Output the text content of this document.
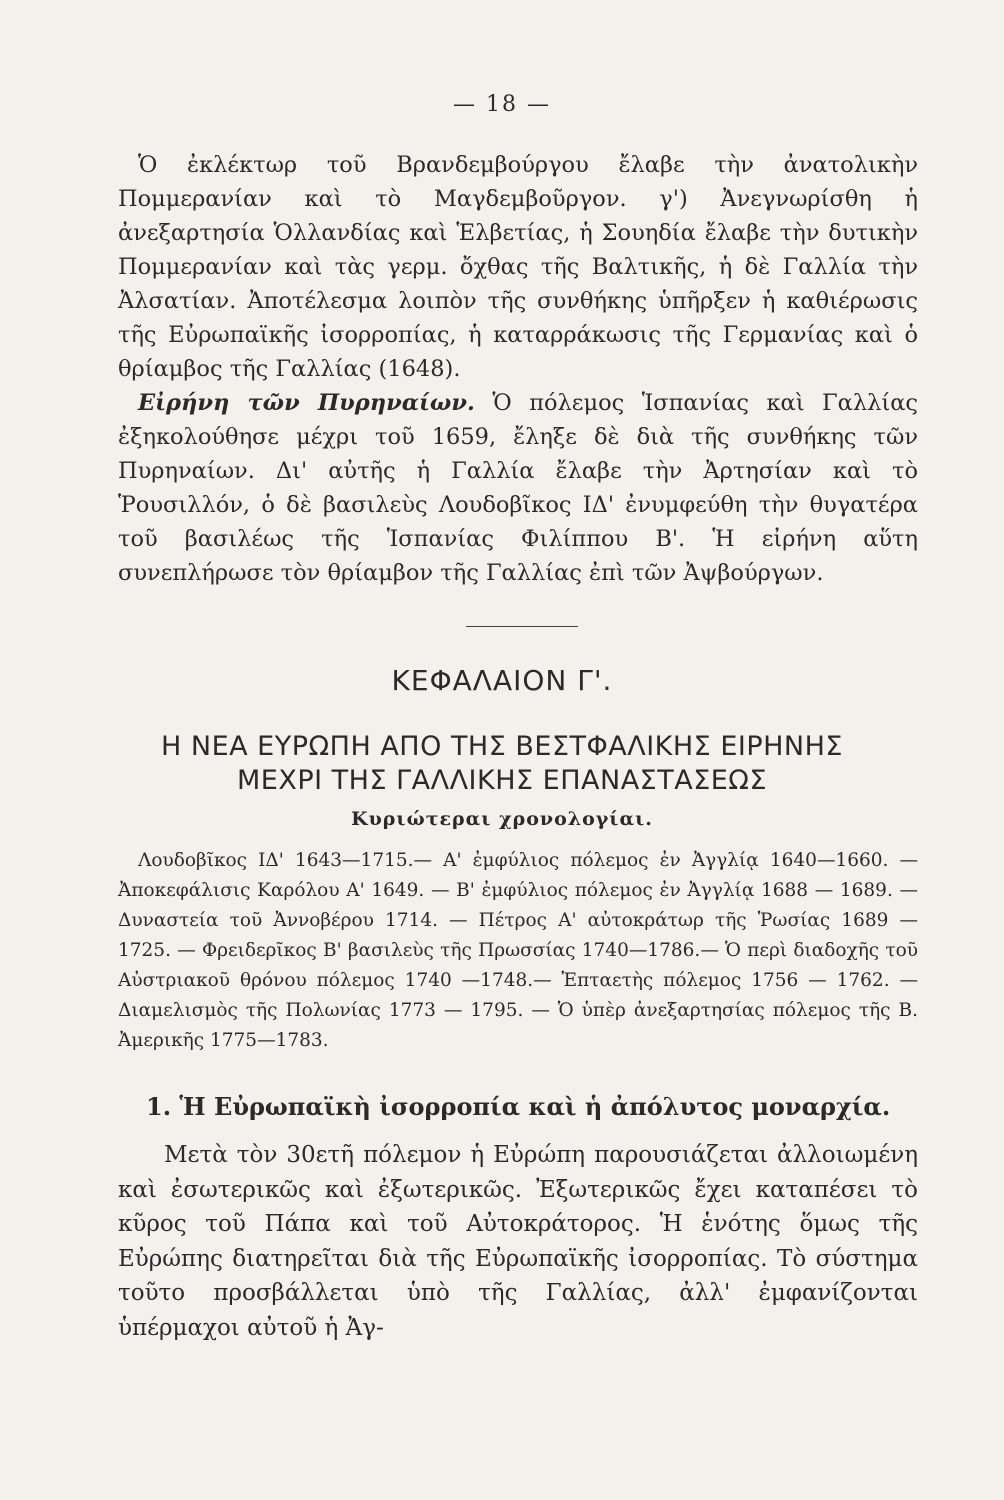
— 18 —
Ὁ ἐκλέκτωρ τοῦ Βρανδεμβούργου ἔλαβε τὴν ἀνατολικὴν Πομμερανίαν καὶ τὸ Μαγδεμβοῦργον. γ') Ἀνεγνωρίσθη ἡ ἀνεξαρτησία Ὁλλανδίας καὶ Ἑλβετίας, ἡ Σουηδία ἔλαβε τὴν δυτικὴν Πομμερανίαν καὶ τὰς γερμ. ὄχθας τῆς Βαλτικῆς, ἡ δὲ Γαλλία τὴν Ἀλσατίαν. Ἀποτέλεσμα λοιπὸν τῆς συνθήκης ὑπῆρξεν ἡ καθιέρωσις τῆς Εὐρωπαϊκῆς ἰσορροπίας, ἡ καταρράκωσις τῆς Γερμανίας καὶ ὁ θρίαμβος τῆς Γαλλίας (1648).
Εἰρήνη τῶν Πυρηναίων. Ὁ πόλεμος Ἱσπανίας καὶ Γαλλίας ἐξηκολούθησε μέχρι τοῦ 1659, ἔληξε δὲ διὰ τῆς συνθήκης τῶν Πυρηναίων. Δι' αὐτῆς ἡ Γαλλία ἔλαβε τὴν Ἀρτησίαν καὶ τὸ Ῥουσιλλόν, ὁ δὲ βασιλεὺς Λουδοβῖκος ΙΔ' ἐνυμφεύθη τὴν θυγατέρα τοῦ βασιλέως τῆς Ἱσπανίας Φιλίππου Β'. Ἡ εἰρήνη αὕτη συνεπλήρωσε τὸν θρίαμβον τῆς Γαλλίας ἐπὶ τῶν Ἀψβούργων.
ΚΕΦΑΛΑΙΟΝ Γ'.
Η ΝΕΑ ΕΥΡΩΠΗ ΑΠΟ ΤΗΣ ΒΕΣΤΦΑΛΙΚΗΣ ΕΙΡΗΝΗΣ
ΜΕΧΡΙ ΤΗΣ ΓΑΛΛΙΚΗΣ ΕΠΑΝΑΣΤΑΣΕΩΣ
Κυριώτεραι χρονολογίαι.
Λουδοβῖκος ΙΔ' 1643—1715.— Α' ἐμφύλιος πόλεμος ἐν Ἀγγλίᾳ 1640—1660. — Ἀποκεφάλισις Καρόλου Α' 1649. — Β' ἐμφύλιος πόλεμος ἐν Ἀγγλίᾳ 1688 — 1689. — Δυναστεία τοῦ Ἀννοβέρου 1714. — Πέτρος Α' αὐτοκράτωρ τῆς Ῥωσίας 1689 — 1725. — Φρειδερῖκος Β' βασιλεὺς τῆς Πρωσσίας 1740—1786.— Ὁ περὶ διαδοχῆς τοῦ Αὐστριακοῦ θρόνου πόλεμος 1740 —1748.— Ἑπταετὴς πόλεμος 1756 — 1762. — Διαμελισμὸς τῆς Πολωνίας 1773 — 1795. — Ὁ ὑπὲρ ἀνεξαρτησίας πόλεμος τῆς Β. Ἀμερικῆς 1775—1783.
1. Ἡ Εὐρωπαϊκὴ ἰσορροπία καὶ ἡ ἀπόλυτος μοναρχία.
Μετὰ τὸν 30ετῆ πόλεμον ἡ Εὐρώπη παρουσιάζεται ἀλλοιωμένη καὶ ἐσωτερικῶς καὶ ἐξωτερικῶς. Ἐξωτερικῶς ἔχει καταπέσει τὸ κῦρος τοῦ Πάπα καὶ τοῦ Αὐτοκράτορος. Ἡ ἑνότης ὅμως τῆς Εὐρώπης διατηρεῖται διὰ τῆς Εὐρωπαϊκῆς ἰσορροπίας. Τὸ σύστημα τοῦτο προσβάλλεται ὑπὸ τῆς Γαλλίας, ἀλλ' ἐμφανίζονται ὑπέρμαχοι αὐτοῦ ἡ Ἀγ-
